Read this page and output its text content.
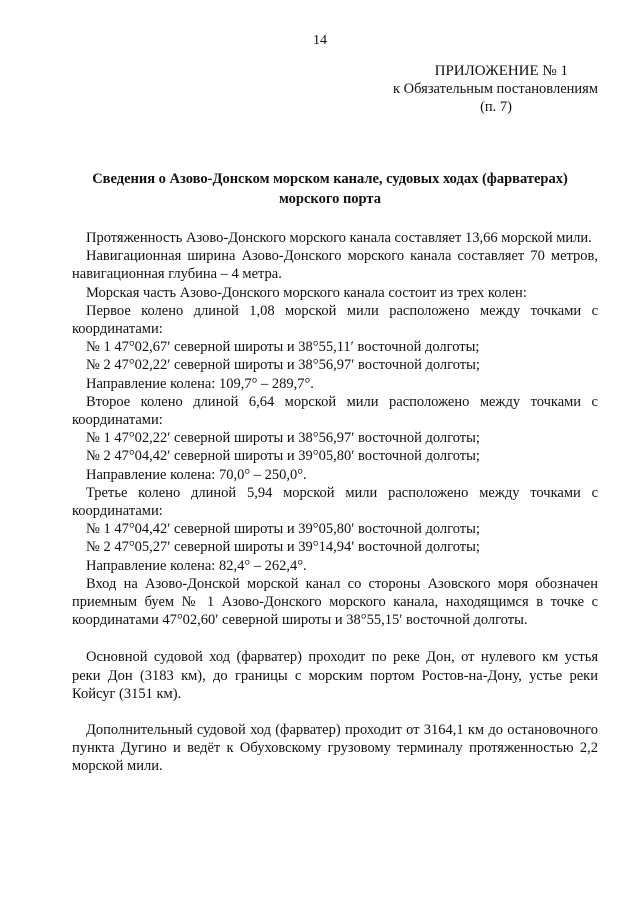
14
ПРИЛОЖЕНИЕ № 1
к Обязательным постановлениям
(п. 7)
Сведения о Азово-Донском морском канале, судовых ходах (фарватерах)
морского порта

Протяженность Азово-Донского морского канала составляет 13,66 морской мили.

Навигационная ширина Азово-Донского морского канала составляет 70 метров, навигационная глубина – 4 метра.

Морская часть Азово-Донского морского канала состоит из трех колен:

Первое колено длиной 1,08 морской мили расположено между точками с координатами:

№ 1 47°02,67′ северной широты и 38°55,11′ восточной долготы;

№ 2 47°02,22′ северной широты и 38°56,97′ восточной долготы;

Направление колена: 109,7° – 289,7°.

Второе колено длиной 6,64 морской мили расположено между точками с координатами:

№ 1 47°02,22′ северной широты и 38°56,97′ восточной долготы;

№ 2 47°04,42′ северной широты и 39°05,80′ восточной долготы;

Направление колена: 70,0° – 250,0°.

Третье колено длиной 5,94 морской мили расположено между точками с координатами:

№ 1 47°04,42′ северной широты и 39°05,80′ восточной долготы;

№ 2 47°05,27′ северной широты и 39°14,94′ восточной долготы;

Направление колена: 82,4° – 262,4°.

Вход на Азово-Донской морской канал со стороны Азовского моря обозначен приемным буем № 1 Азово-Донского морского канала, находящимся в точке с координатами 47°02,60′ северной широты и 38°55,15′ восточной долготы.

Основной судовой ход (фарватер) проходит по реке Дон, от нулевого км устья реки Дон (3183 км), до границы с морским портом Ростов-на-Дону, устье реки Койсуг (3151 км).

Дополнительный судовой ход (фарватер) проходит от 3164,1 км до остановочного пункта Дугино и ведёт к Обуховскому грузовому терминалу протяженностью 2,2 морской мили.
